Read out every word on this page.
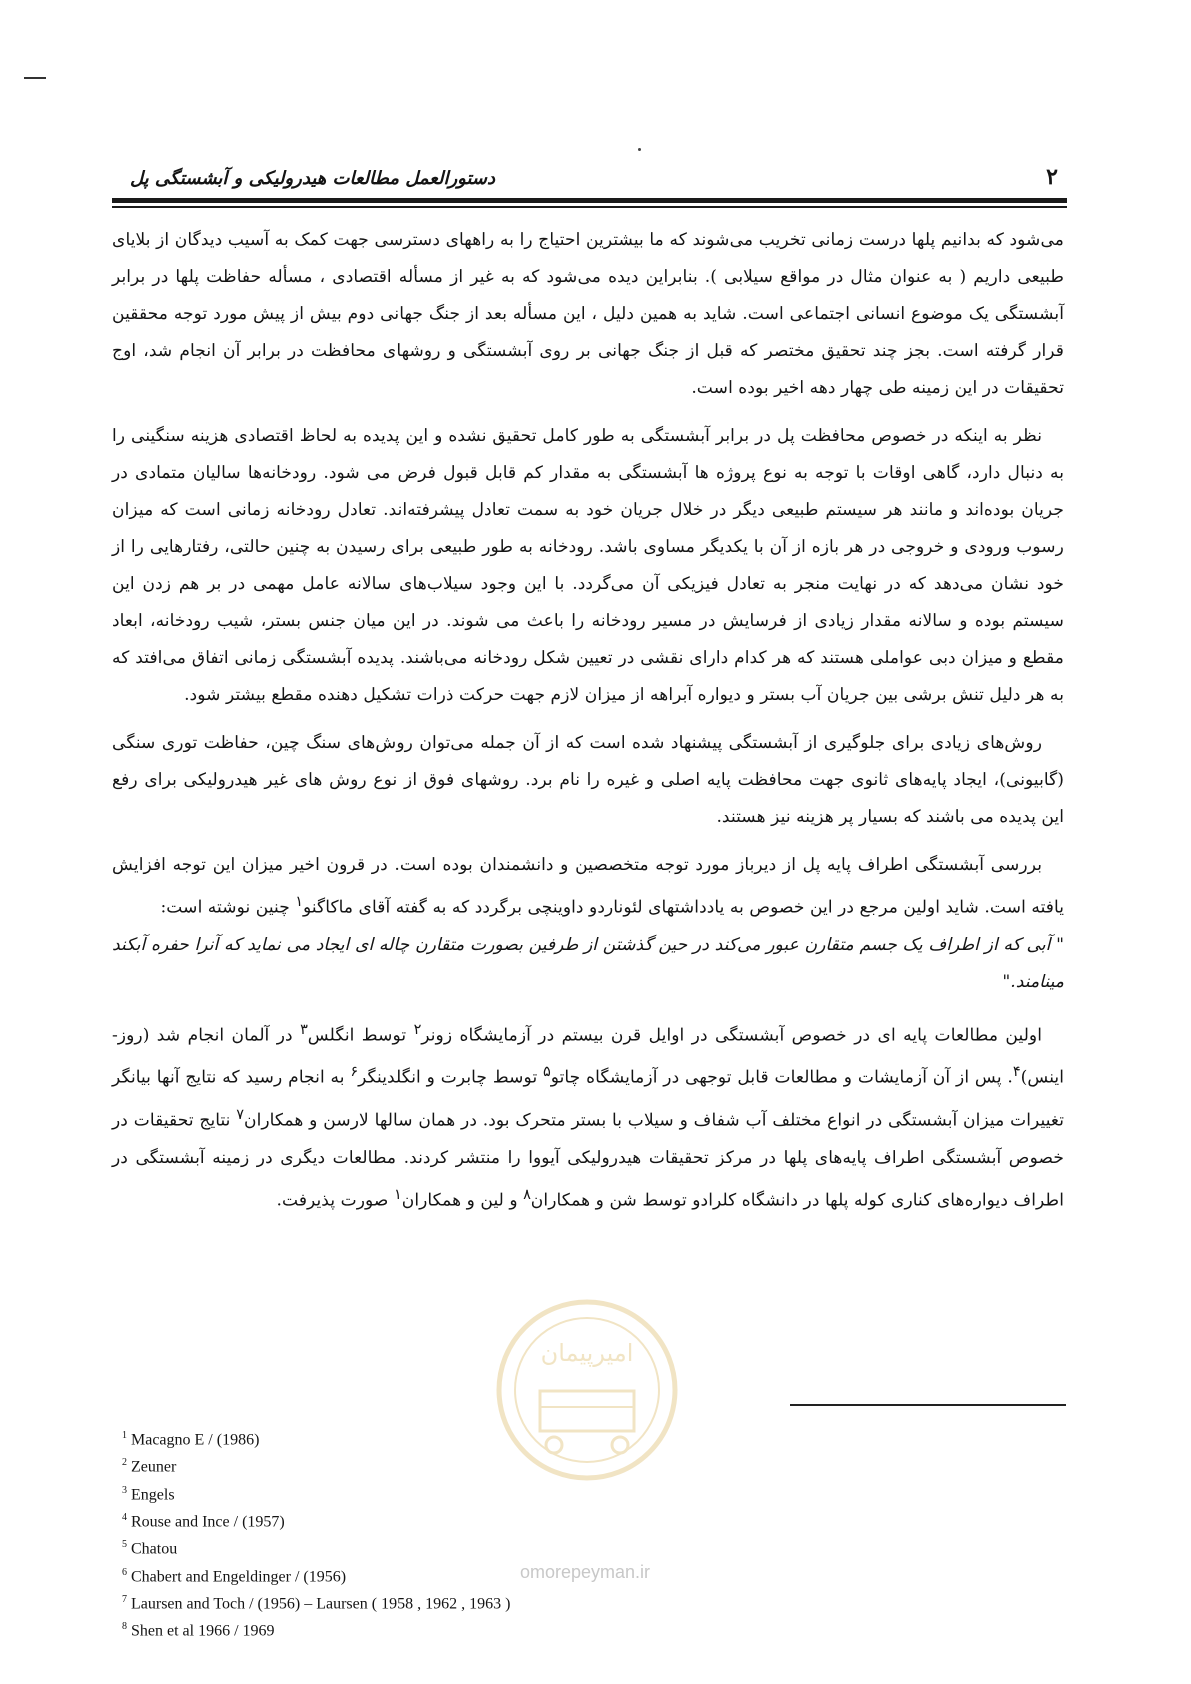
۲
دستورالعمل مطالعات هیدرولیکی و آبشستگی پل

می‌شود که بدانیم پلها درست زمانی تخریب می‌شوند که ما بیشترین احتیاج را به راههای دسترسی جهت کمک به آسیب دیدگان از بلایای طبیعی داریم ( به عنوان مثال در مواقع سیلابی ). بنابراین دیده می‌شود که به غیر از مسأله اقتصادی ، مسأله حفاظت پلها در برابر آبشستگی یک موضوع انسانی اجتماعی است. شاید به همین دلیل ، این مسأله بعد از جنگ جهانی دوم بیش از پیش مورد توجه محققین قرار گرفته است. بجز چند تحقیق مختصر که قبل از جنگ جهانی بر روی آبشستگی و روشهای محافظت در برابر آن انجام شد، اوج تحقیقات در این زمینه طی چهار دهه اخیر بوده است.

نظر به اینکه در خصوص محافظت پل در برابر آبشستگی به طور کامل تحقیق نشده و این پدیده به لحاظ اقتصادی هزینه سنگینی را به دنبال دارد، گاهی اوقات با توجه به نوع پروژه ها آبشستگی به مقدار کم قابل قبول فرض می شود. رودخانه‌ها سالیان متمادی در جریان بوده‌اند و مانند هر سیستم طبیعی دیگر در خلال جریان خود به سمت تعادل پیشرفته‌اند. تعادل رودخانه زمانی است که میزان رسوب ورودی و خروجی در هر بازه از آن با یکدیگر مساوی باشد. رودخانه به طور طبیعی برای رسیدن به چنین حالتی، رفتارهایی را از خود نشان می‌دهد که در نهایت منجر به تعادل فیزیکی آن می‌گردد. با این وجود سیلاب‌های سالانه عامل مهمی در بر هم زدن این سیستم بوده و سالانه مقدار زیادی از فرسایش در مسیر رودخانه را باعث می شوند. در این میان جنس بستر، شیب رودخانه، ابعاد مقطع و میزان دبی عواملی هستند که هر کدام دارای نقشی در تعیین شکل رودخانه می‌باشند. پدیده آبشستگی زمانی اتفاق می‌افتد که به هر دلیل تنش برشی بین جریان آب بستر و دیواره آبراهه از میزان لازم جهت حرکت ذرات تشکیل دهنده مقطع بیشتر شود.

روش‌های زیادی برای جلوگیری از آبشستگی پیشنهاد شده است که از آن جمله می‌توان روش‌های سنگ چین، حفاظت توری سنگی (گابیونی)، ایجاد پایه‌های ثانوی جهت محافظت پایه اصلی و غیره را نام برد. روشهای فوق از نوع روش های غیر هیدرولیکی برای رفع این پدیده می باشند که بسیار پر هزینه نیز هستند.

بررسی آبشستگی اطراف پایه پل از دیرباز مورد توجه متخصصین و دانشمندان بوده است. در قرون اخیر میزان این توجه افزایش یافته است. شاید اولین مرجع در این خصوص به یادداشتهای لئوناردو داوینچی برگردد که به گفته آقای ماکاگنو$^۱$ چنین نوشته است:
" آبی که از اطراف یک جسم متقارن عبور می‌کند در حین گذشتن از طرفین بصورت متقارن چاله ای ایجاد می نماید که آنرا حفره آبکند مینامند."

اولین مطالعات پایه ای در خصوص آبشستگی در اوایل قرن بیستم در آزمایشگاه زونر$^۲$ توسط انگلس$^۳$ در آلمان انجام شد (روز-اینس)$^۴$. پس از آن آزمایشات و مطالعات قابل توجهی در آزمایشگاه چاتو$^۵$ توسط چابرت و انگلدینگر$^۶$ به انجام رسید که نتایج آنها بیانگر تغییرات میزان آبشستگی در انواع مختلف آب شفاف و سیلاب با بستر متحرک بود. در همان سالها لارسن و همکاران$^۷$ نتایج تحقیقات در خصوص آبشستگی اطراف پایه‌های پلها در مرکز تحقیقات هیدرولیکی آیووا را منتشر کردند. مطالعات دیگری در زمینه آبشستگی در اطراف دیواره‌های کناری کوله پلها در دانشگاه کلرادو توسط شن و همکاران$^۸$ و لین و همکاران$^۱$ صورت پذیرفت.

$^1$ Macagno E / (1986)
$^2$ Zeuner
$^3$ Engels
$^4$ Rouse and Ince / (1957)
$^5$ Chatou
$^6$ Chabert and Engeldinger / (1956)
$^7$ Laursen and Toch / (1956) – Laursen ( 1958 , 1962 , 1963 )
$^8$ Shen et al 1966 / 1969
امیرپیمان
omorepeyman.ir
